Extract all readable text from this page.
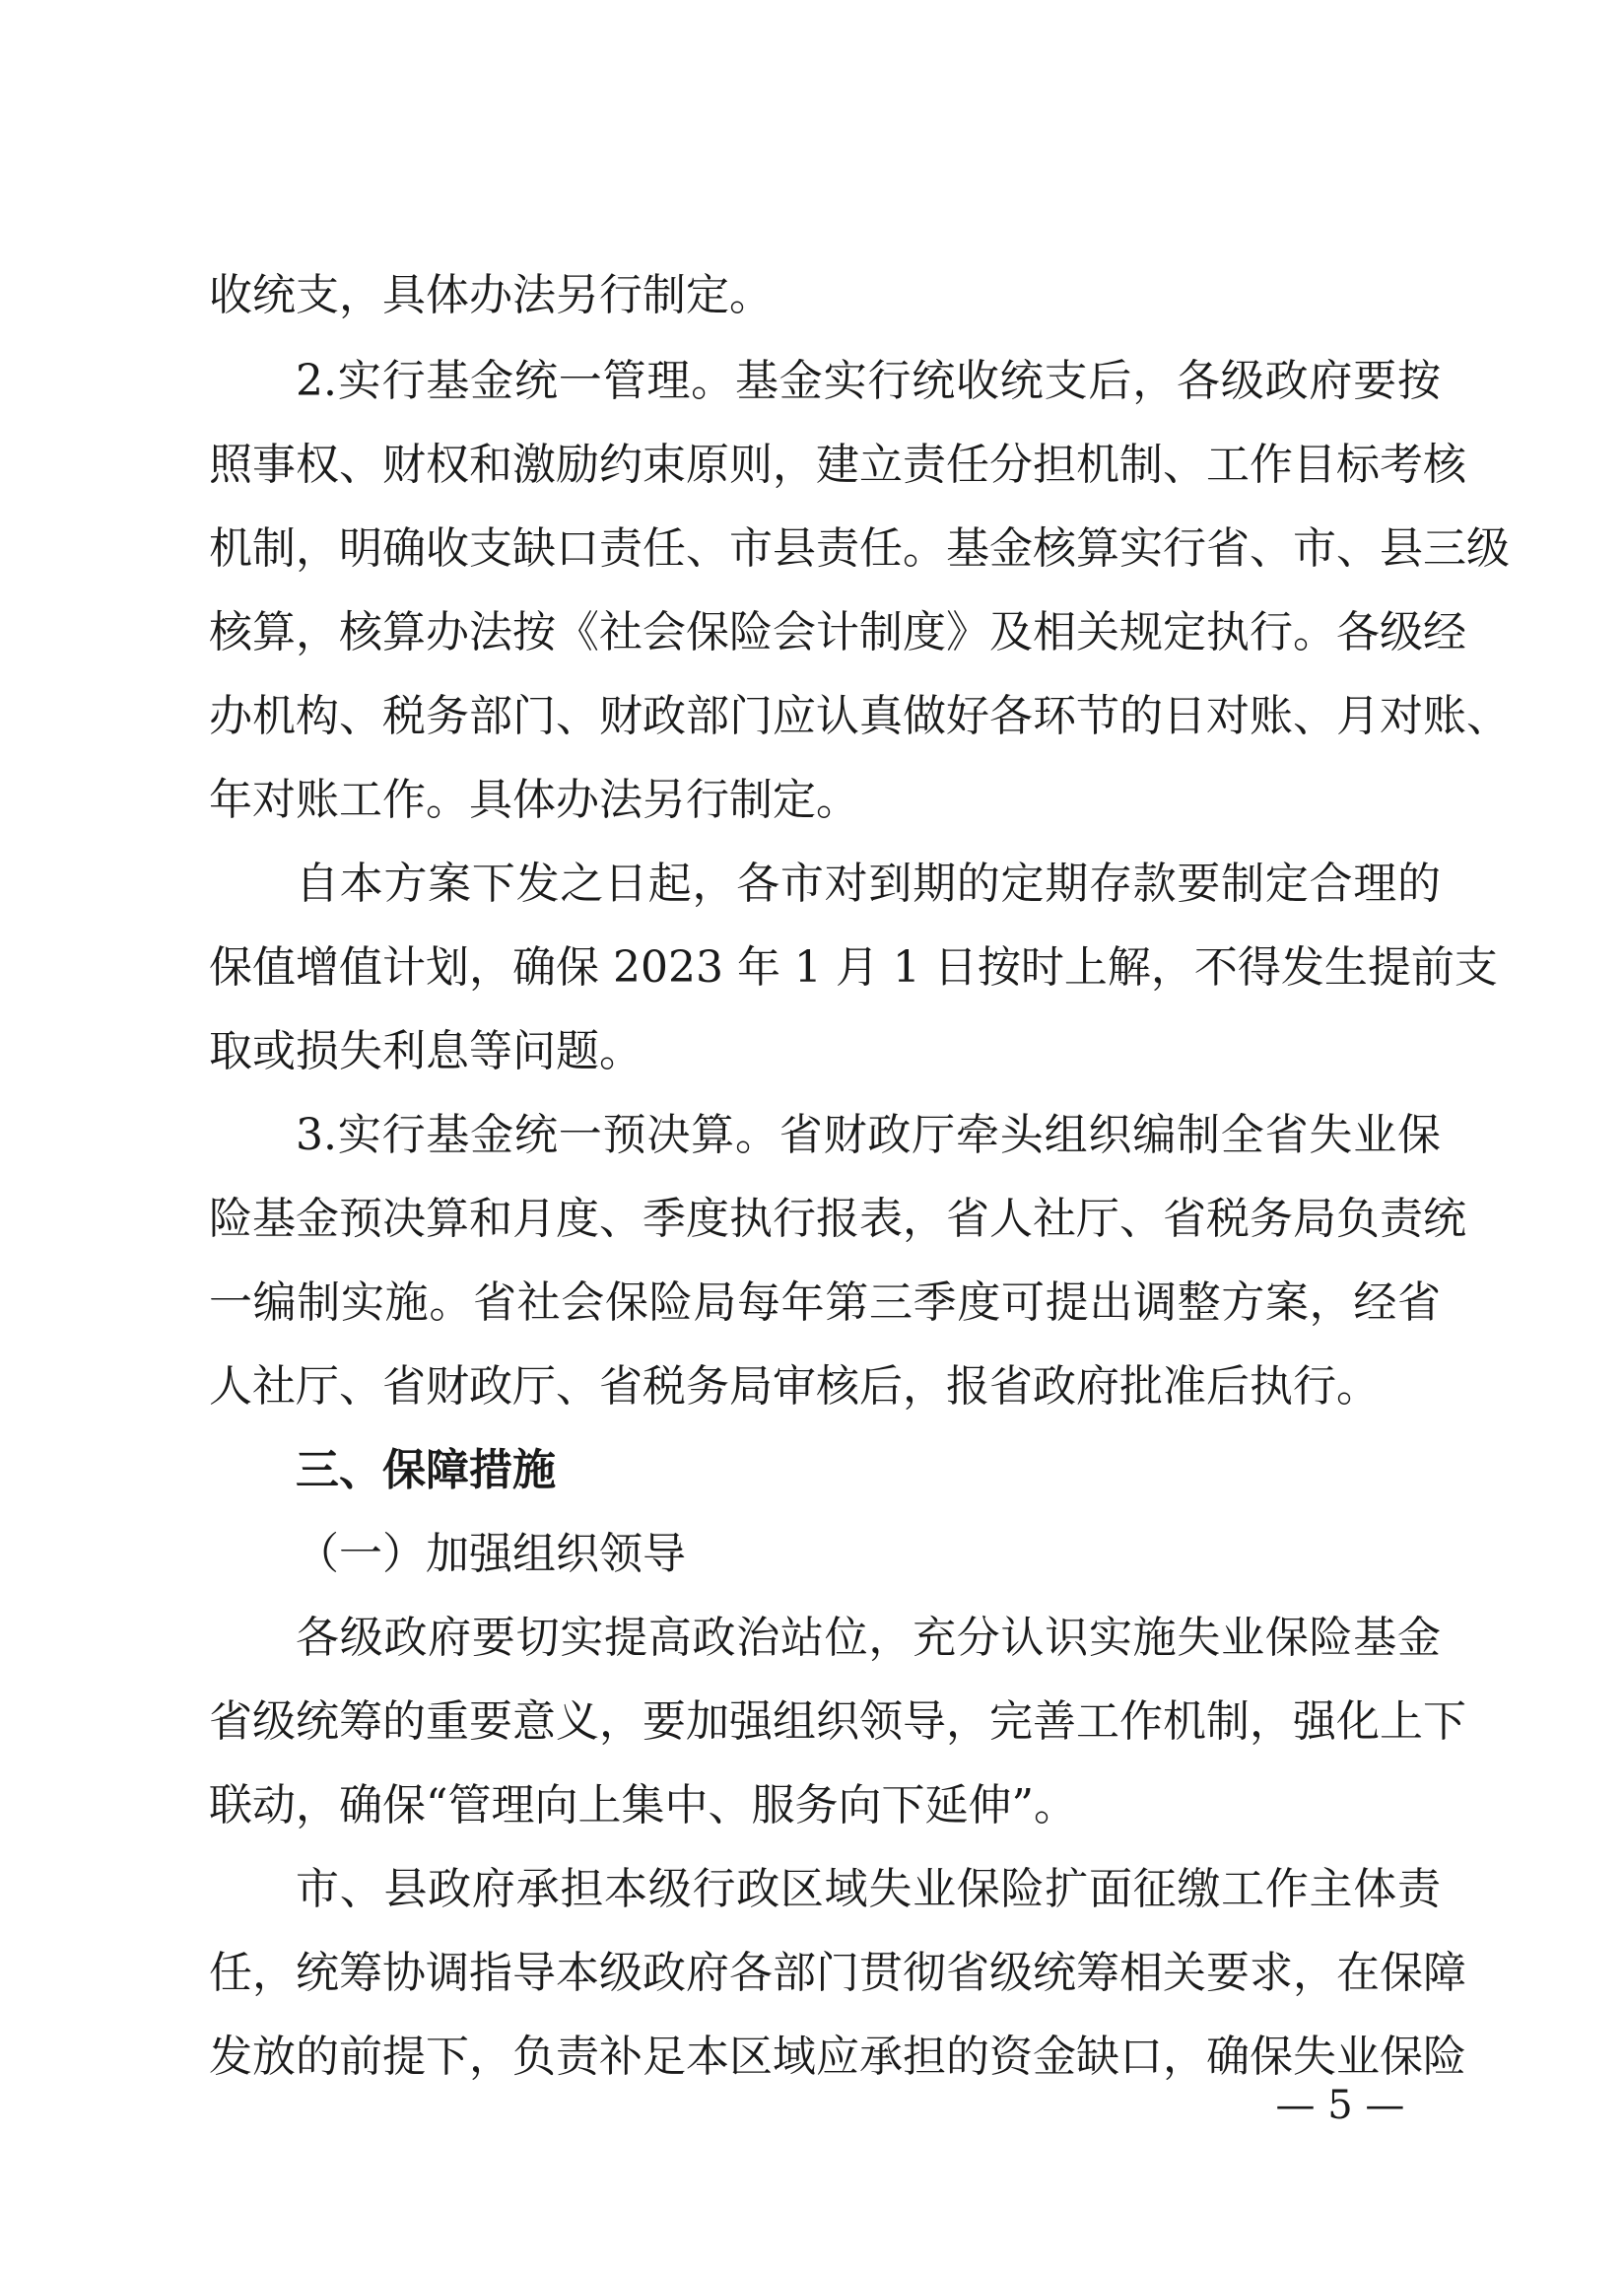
收统支，具体办法另行制定。
2.实行基金统一管理。基金实行统收统支后，各级政府要按
照事权、财权和激励约束原则，建立责任分担机制、工作目标考核
机制，明确收支缺口责任、市县责任。基金核算实行省、市、县三级
核算，核算办法按《社会保险会计制度》及相关规定执行。各级经
办机构、税务部门、财政部门应认真做好各环节的日对账、月对账、
年对账工作。具体办法另行制定。
自本方案下发之日起，各市对到期的定期存款要制定合理的
保值增值计划，确保 2023 年 1 月 1 日按时上解，不得发生提前支
取或损失利息等问题。
3.实行基金统一预决算。省财政厅牵头组织编制全省失业保
险基金预决算和月度、季度执行报表，省人社厅、省税务局负责统
一编制实施。省社会保险局每年第三季度可提出调整方案，经省
人社厅、省财政厅、省税务局审核后，报省政府批准后执行。
三、保障措施
（一）加强组织领导
各级政府要切实提高政治站位，充分认识实施失业保险基金
省级统筹的重要意义，要加强组织领导，完善工作机制，强化上下
联动，确保“管理向上集中、服务向下延伸”。
市、县政府承担本级行政区域失业保险扩面征缴工作主体责
任，统筹协调指导本级政府各部门贯彻省级统筹相关要求，在保障
发放的前提下，负责补足本区域应承担的资金缺口，确保失业保险
— 5 —
